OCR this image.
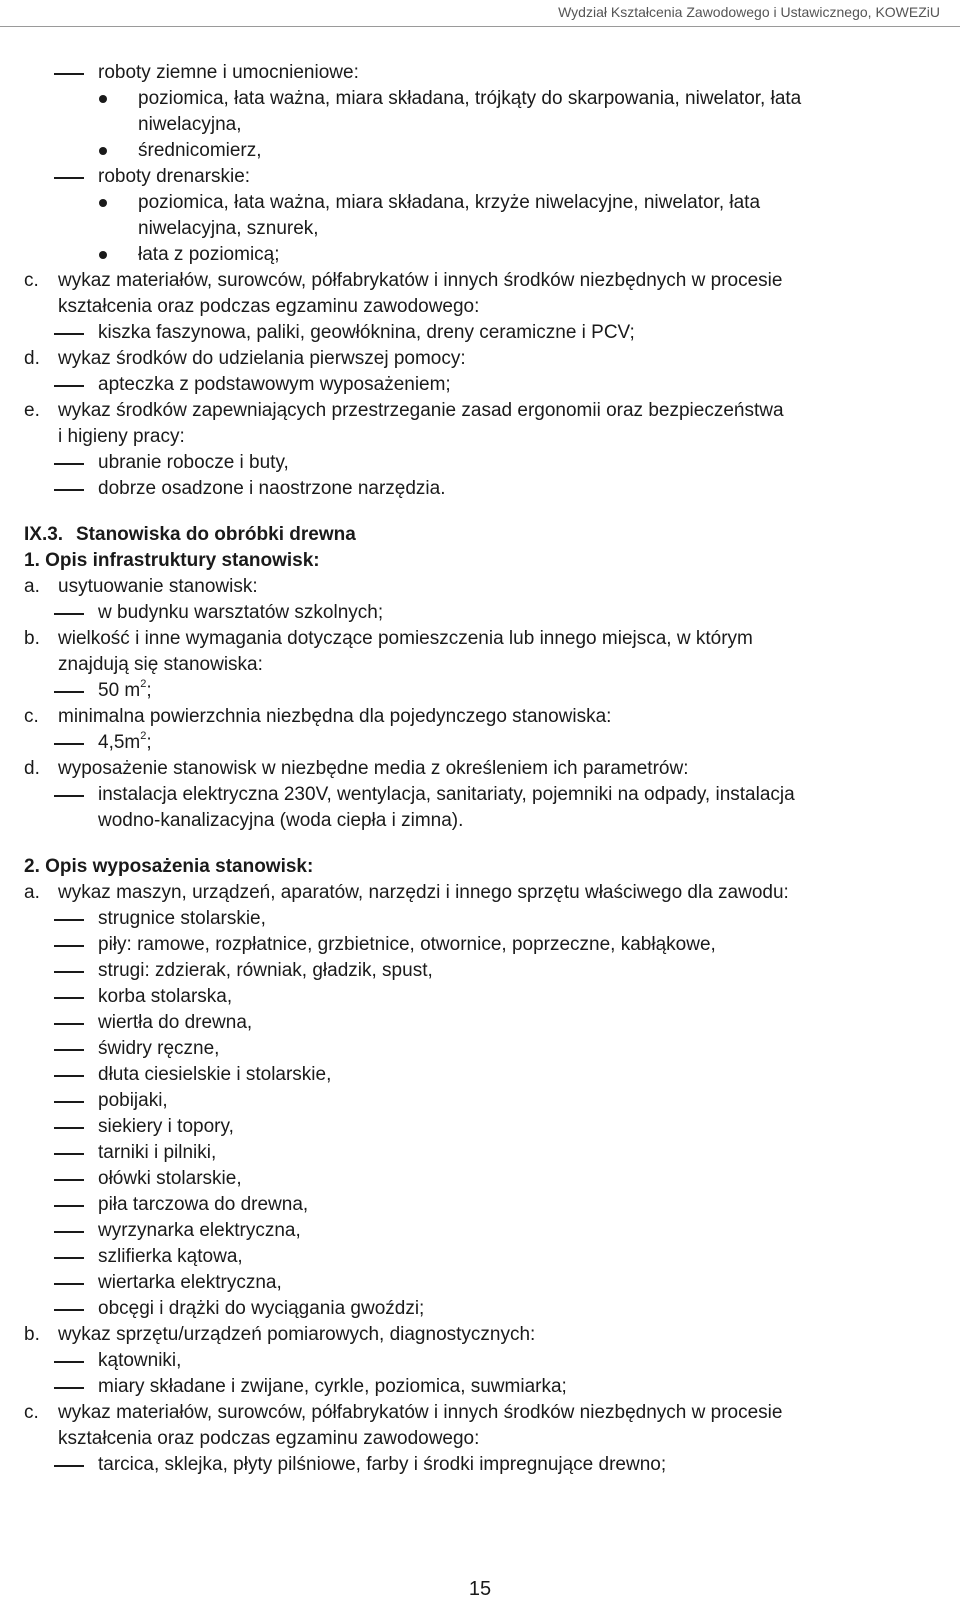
Wydział Kształcenia Zawodowego i Ustawicznego, KOWEZiU
roboty ziemne i umocnieniowe:
poziomica, łata ważna, miara składana, trójkąty do skarpowania, niwelator, łata
niwelacyjna,
średnicomierz,
roboty drenarskie:
poziomica, łata ważna, miara składana, krzyże niwelacyjne, niwelator, łata
niwelacyjna, sznurek,
łata z poziomicą;
c. wykaz materiałów, surowców, półfabrykatów i innych środków niezbędnych w procesie
kształcenia oraz podczas egzaminu zawodowego:
kiszka faszynowa, paliki, geowłóknina, dreny ceramiczne i PCV;
d. wykaz środków do udzielania pierwszej pomocy:
apteczka z podstawowym wyposażeniem;
e. wykaz środków zapewniających przestrzeganie zasad ergonomii oraz bezpieczeństwa
i higieny pracy:
ubranie robocze i buty,
dobrze osadzone i naostrzone narzędzia.
IX.3. Stanowiska do obróbki drewna
1. Opis infrastruktury stanowisk:
a. usytuowanie stanowisk:
w budynku warsztatów szkolnych;
b. wielkość i inne wymagania dotyczące pomieszczenia lub innego miejsca, w którym
znajdują się stanowiska:
50 $m^2$;
c. minimalna powierzchnia niezbędna dla pojedynczego stanowiska:
$4,5m^2$;
d. wyposażenie stanowisk w niezbędne media z określeniem ich parametrów:
instalacja elektryczna 230V, wentylacja, sanitariaty, pojemniki na odpady, instalacja
wodno-kanalizacyjna (woda ciepła i zimna).
2. Opis wyposażenia stanowisk:
a. wykaz maszyn, urządzeń, aparatów, narzędzi i innego sprzętu właściwego dla zawodu:
strugnice stolarskie,
piły: ramowe, rozpłatnice, grzbietnice, otwornice, poprzeczne, kabłąkowe,
strugi: zdzierak, równiak, gładzik, spust,
korba stolarska,
wiertła do drewna,
świdry ręczne,
dłuta ciesielskie i stolarskie,
pobijaki,
siekiery i topory,
tarniki i pilniki,
ołówki stolarskie,
piła tarczowa do drewna,
wyrzynarka elektryczna,
szlifierka kątowa,
wiertarka elektryczna,
obcęgi i drążki do wyciągania gwoździ;
b. wykaz sprzętu/urządzeń pomiarowych, diagnostycznych:
kątowniki,
miary składane i zwijane, cyrkle, poziomica, suwmiarka;
c. wykaz materiałów, surowców, półfabrykatów i innych środków niezbędnych w procesie
kształcenia oraz podczas egzaminu zawodowego:
tarcica, sklejka, płyty pilśniowe, farby i środki impregnujące drewno;
15
